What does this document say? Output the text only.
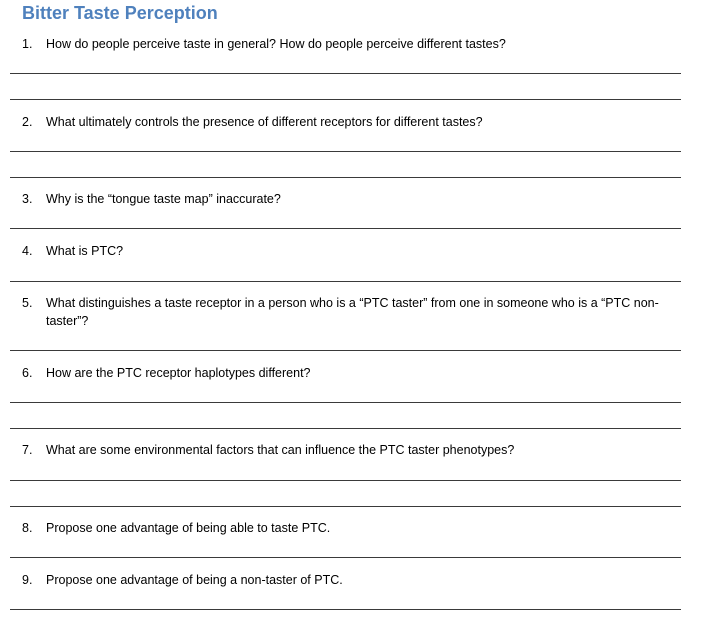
Bitter Taste Perception
1.	How do people perceive taste in general? How do people perceive different tastes?
2.	What ultimately controls the presence of different receptors for different tastes?
3.	Why is the “tongue taste map” inaccurate?
4.	What is PTC?
5.	What distinguishes a taste receptor in a person who is a “PTC taster” from one in someone who is a “PTC non-taster”?
6.	How are the PTC receptor haplotypes different?
7.	What are some environmental factors that can influence the PTC taster phenotypes?
8.	Propose one advantage of being able to taste PTC.
9.	Propose one advantage of being a non-taster of PTC.
